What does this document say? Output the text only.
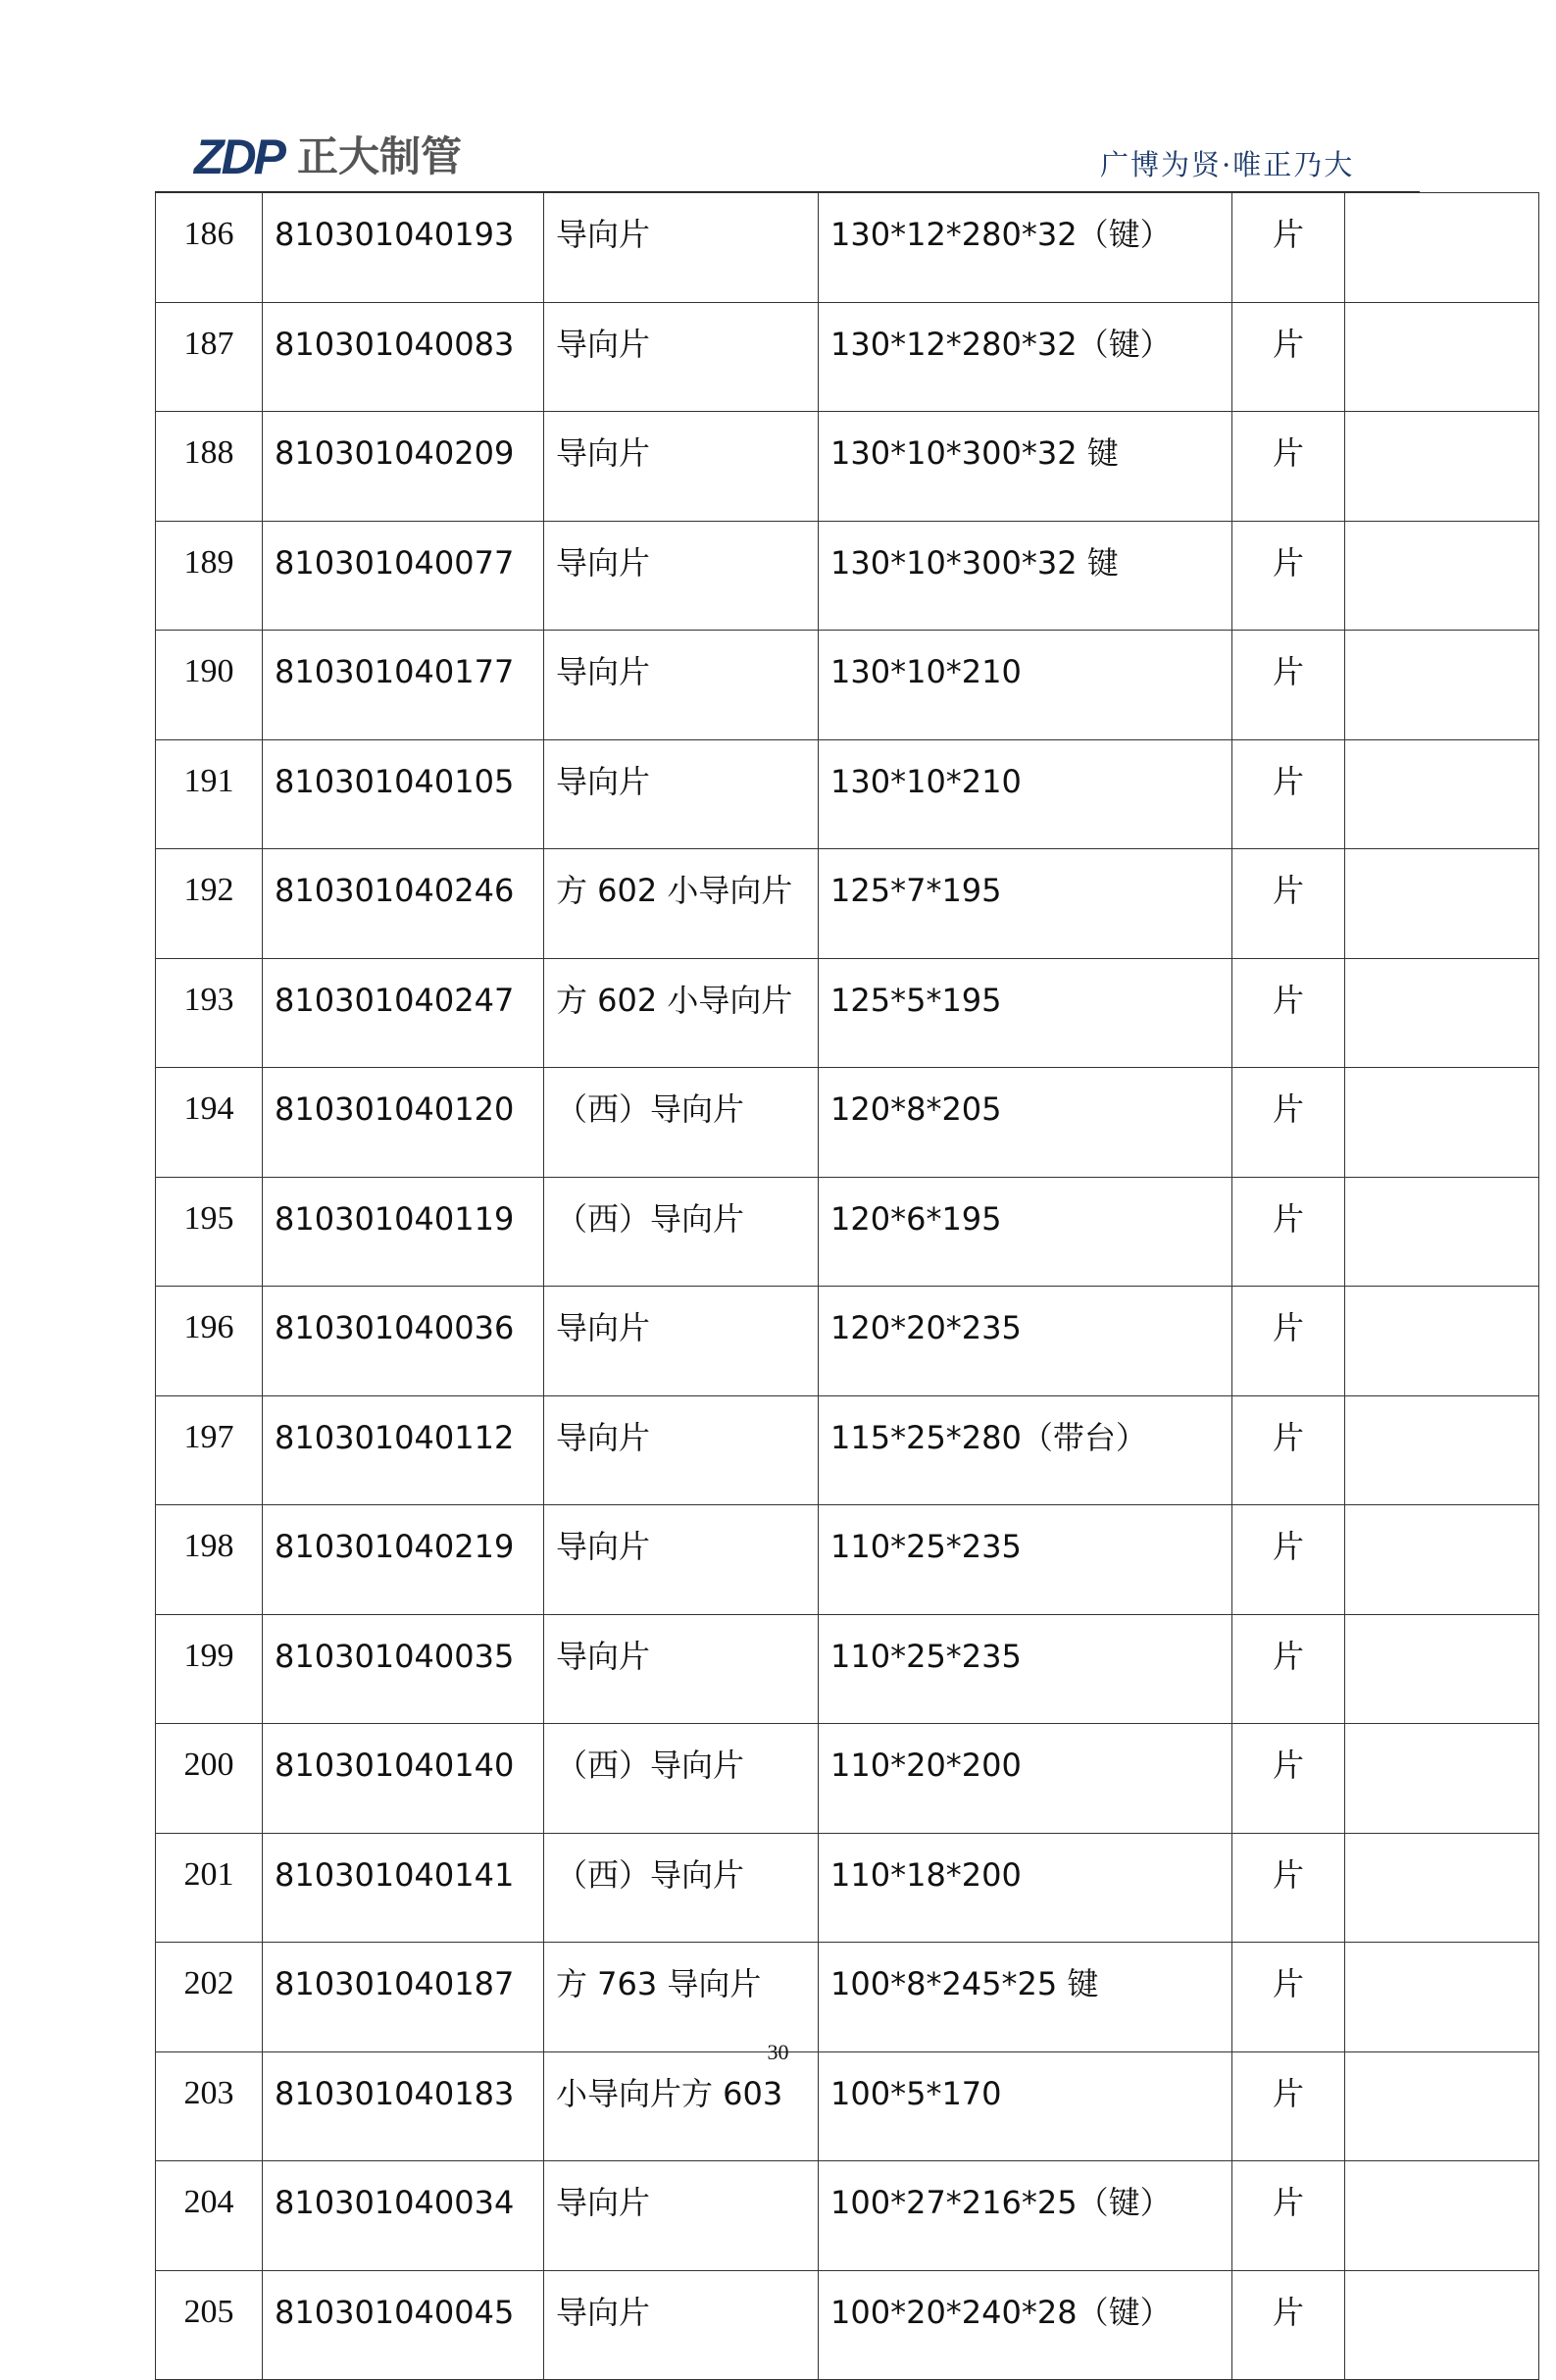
ZDP 正大制管	广博为贤·唯正乃大
186	810301040193	导向片	130*12*280*32（键）	片	
187	810301040083	导向片	130*12*280*32（键）	片	
188	810301040209	导向片	130*10*300*32 键	片	
189	810301040077	导向片	130*10*300*32 键	片	
190	810301040177	导向片	130*10*210	片	
191	810301040105	导向片	130*10*210	片	
192	810301040246	方 602 小导向片	125*7*195	片	
193	810301040247	方 602 小导向片	125*5*195	片	
194	810301040120	（西）导向片	120*8*205	片	
195	810301040119	（西）导向片	120*6*195	片	
196	810301040036	导向片	120*20*235	片	
197	810301040112	导向片	115*25*280（带台）	片	
198	810301040219	导向片	110*25*235	片	
199	810301040035	导向片	110*25*235	片	
200	810301040140	（西）导向片	110*20*200	片	
201	810301040141	（西）导向片	110*18*200	片	
202	810301040187	方 763 导向片	100*8*245*25 键	片	
203	810301040183	小导向片方 603	100*5*170	片	
204	810301040034	导向片	100*27*216*25（键）	片	
205	810301040045	导向片	100*20*240*28（键）	片	
30
